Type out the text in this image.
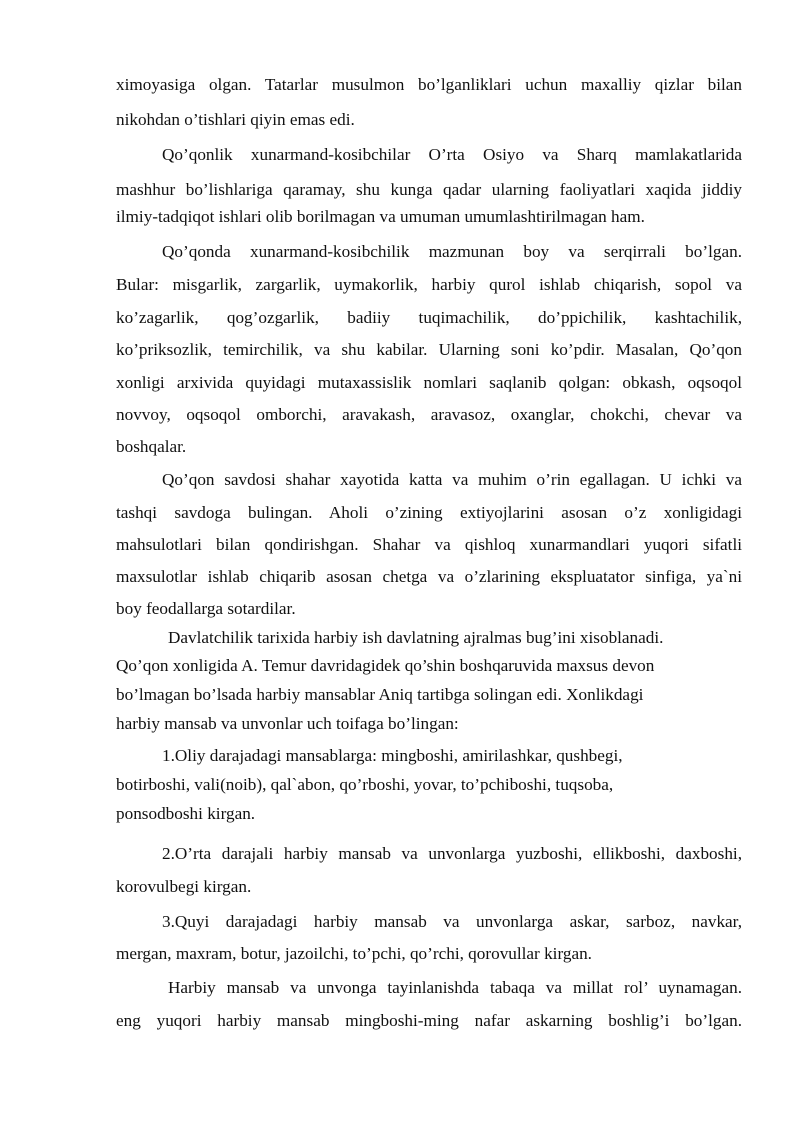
ximoyasiga olgan. Tatarlar musulmon bo’lganliklari uchun maxalliy qizlar bilan
nikohdan o’tishlari qiyin emas edi.
Qo’qonlik xunarmand-kosibchilar O’rta Osiyo va Sharq mamlakatlarida
mashhur bo’lishlariga qaramay, shu kunga qadar ularning faoliyatlari xaqida jiddiy
ilmiy-tadqiqot ishlari olib borilmagan va umuman umumlashtirilmagan ham.
Qo’qonda xunarmand-kosibchilik mazmunan boy va serqirrali bo’lgan.
Bular: misgarlik, zargarlik, uymakorlik, harbiy qurol ishlab chiqarish, sopol va
ko’zagarlik, qog’ozgarlik, badiiy tuqimachilik, do’ppichilik, kashtachilik,
ko’priksozlik, temirchilik, va shu kabilar. Ularning soni ko’pdir. Masalan, Qo’qon
xonligi arxivida quyidagi mutaxassislik nomlari saqlanib qolgan: obkash, oqsoqol
novvoy, oqsoqol omborchi, aravakash, aravasoz, oxanglar, chokchi, chevar va
boshqalar.
Qo’qon savdosi shahar xayotida katta va muhim o’rin egallagan. U ichki va
tashqi savdoga bulingan. Aholi o’zining extiyojlarini asosan o’z xonligidagi
mahsulotlari bilan qondirishgan. Shahar va qishloq xunarmandlari yuqori sifatli
maxsulotlar ishlab chiqarib asosan chetga va o’zlarining ekspluatator sinfiga, ya`ni
boy feodallarga sotardilar.
Davlatchilik tarixida harbiy ish davlatning ajralmas bug’ini xisoblanadi.
Qo’qon xonligida A. Temur davridagidek qo’shin boshqaruvida maxsus devon
bo’lmagan bo’lsada harbiy mansablar Aniq tartibga solingan edi. Xonlikdagi
harbiy mansab va unvonlar uch toifaga bo’lingan:
1.Oliy darajadagi mansablarga: mingboshi, amirilashkar, qushbegi,
botirboshi, vali(noib), qal`abon, qo’rboshi, yovar, to’pchiboshi, tuqsoba,
ponsodboshi kirgan.
2.O’rta darajali harbiy mansab va unvonlarga yuzboshi, ellikboshi, daxboshi,
korovulbegi kirgan.
3.Quyi darajadagi harbiy mansab va unvonlarga askar, sarboz, navkar,
mergan, maxram, botur, jazoilchi, to’pchi, qo’rchi, qorovullar kirgan.
Harbiy mansab va unvonga tayinlanishda tabaqa va millat rol’ uynamagan.
eng yuqori harbiy mansab mingboshi-ming nafar askarning boshlig’i bo’lgan.
